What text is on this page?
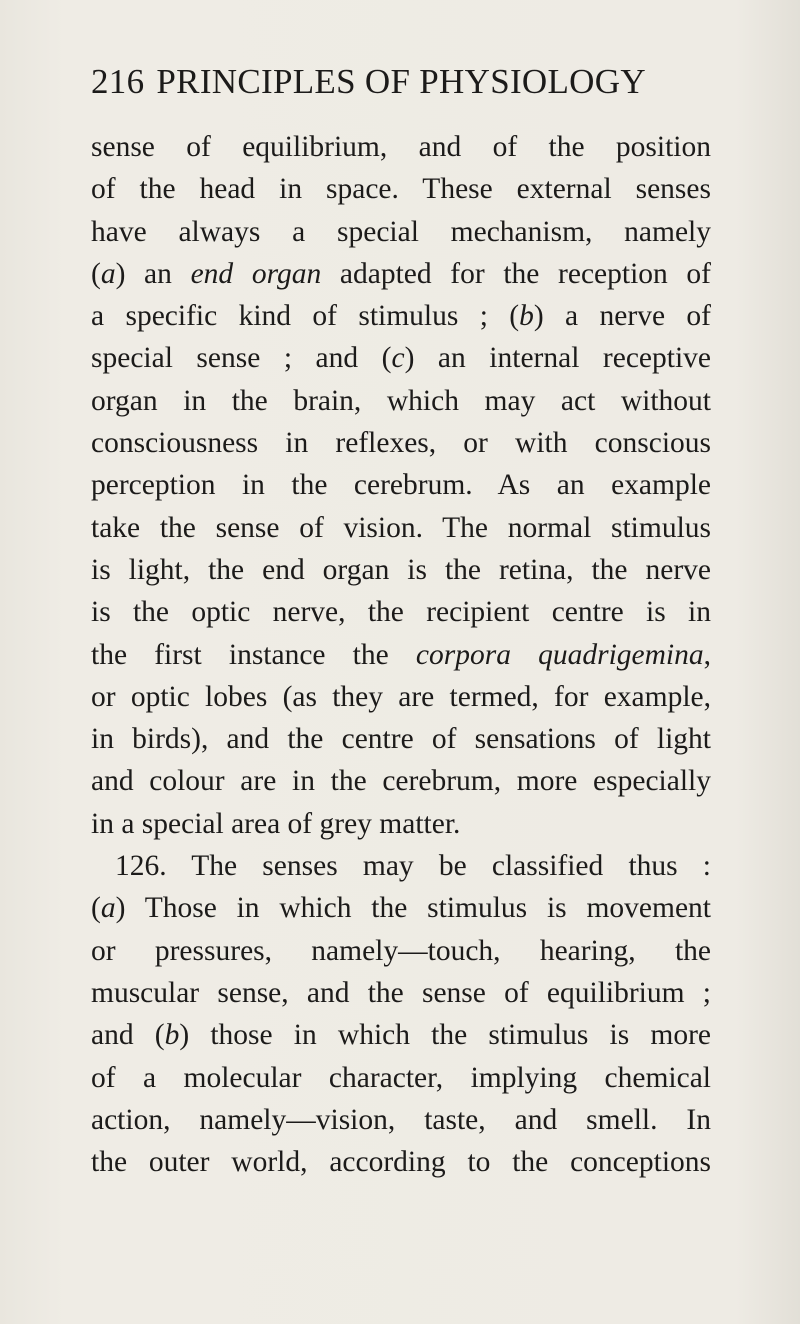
216 PRINCIPLES OF PHYSIOLOGY
sense of equilibrium, and of the position
of the head in space. These external senses
have always a special mechanism, namely
(a) an end organ adapted for the reception of
a specific kind of stimulus ; (b) a nerve of
special sense ; and (c) an internal receptive
organ in the brain, which may act without
consciousness in reflexes, or with conscious
perception in the cerebrum. As an example
take the sense of vision. The normal stimulus
is light, the end organ is the retina, the nerve
is the optic nerve, the recipient centre is in
the first instance the corpora quadrigemina,
or optic lobes (as they are termed, for example,
in birds), and the centre of sensations of light
and colour are in the cerebrum, more especially
in a special area of grey matter.
126. The senses may be classified thus :
(a) Those in which the stimulus is movement
or pressures, namely—touch, hearing, the
muscular sense, and the sense of equilibrium ;
and (b) those in which the stimulus is more
of a molecular character, implying chemical
action, namely—vision, taste, and smell. In
the outer world, according to the conceptions
